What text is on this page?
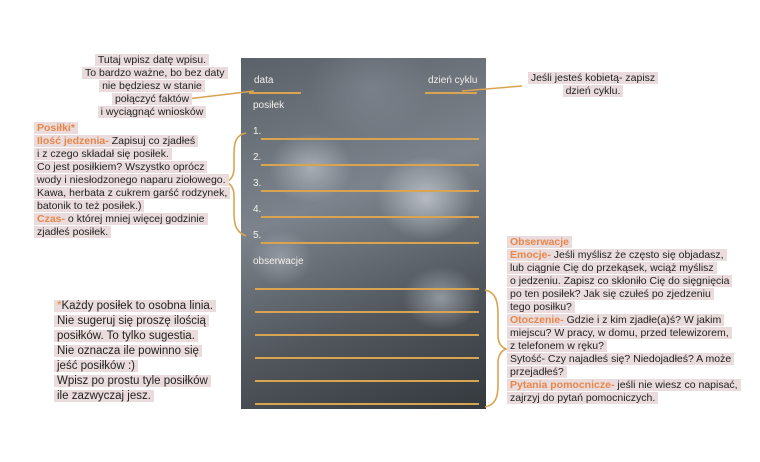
data	dzień cyklu
posiłek
1.
2.
3.
4.
5.
obserwacje
Tutaj wpisz datę wpisu.
To bardzo ważne, bo bez daty
nie będziesz w stanie
połączyć faktów
i wyciągnąć wniosków
Jeśli jesteś kobietą- zapisz
dzień cyklu.
Posiłki*
Ilość jedzenia- Zapisuj co zjadłeś
i z czego składał się posiłek.
Co jest posiłkiem? Wszystko oprócz
wody i niesłodzonego naparu ziołowego.
Kawa, herbata z cukrem garść rodzynek,
batonik to też posiłek.)
Czas- o której mniej więcej godzinie
zjadłeś posiłek.
*Każdy posiłek to osobna linia.
Nie sugeruj się proszę ilością
posiłków. To tylko sugestia.
Nie oznacza ile powinno się
jeść posiłków :)
Wpisz po prostu tyle posiłków
ile zazwyczaj jesz.
Obserwacje
Emocje- Jeśli myślisz że często się objadasz,
lub ciągnie Cię do przekąsek, wciąż myślisz
o jedzeniu. Zapisz co skłoniło Cię do sięgnięcia
po ten posiłek? Jak się czułeś po zjedzeniu
tego posiłku?
Otoczenie- Gdzie i z kim zjadłe(a)ś? W jakim
miejscu? W pracy, w domu, przed telewizorem,
z telefonem w ręku?
Sytość- Czy najadłeś się? Niedojadłeś? A może
przejadłeś?
Pytania pomocnicze- jeśli nie wiesz co napisać,
zajrzyj do pytań pomocniczych.
